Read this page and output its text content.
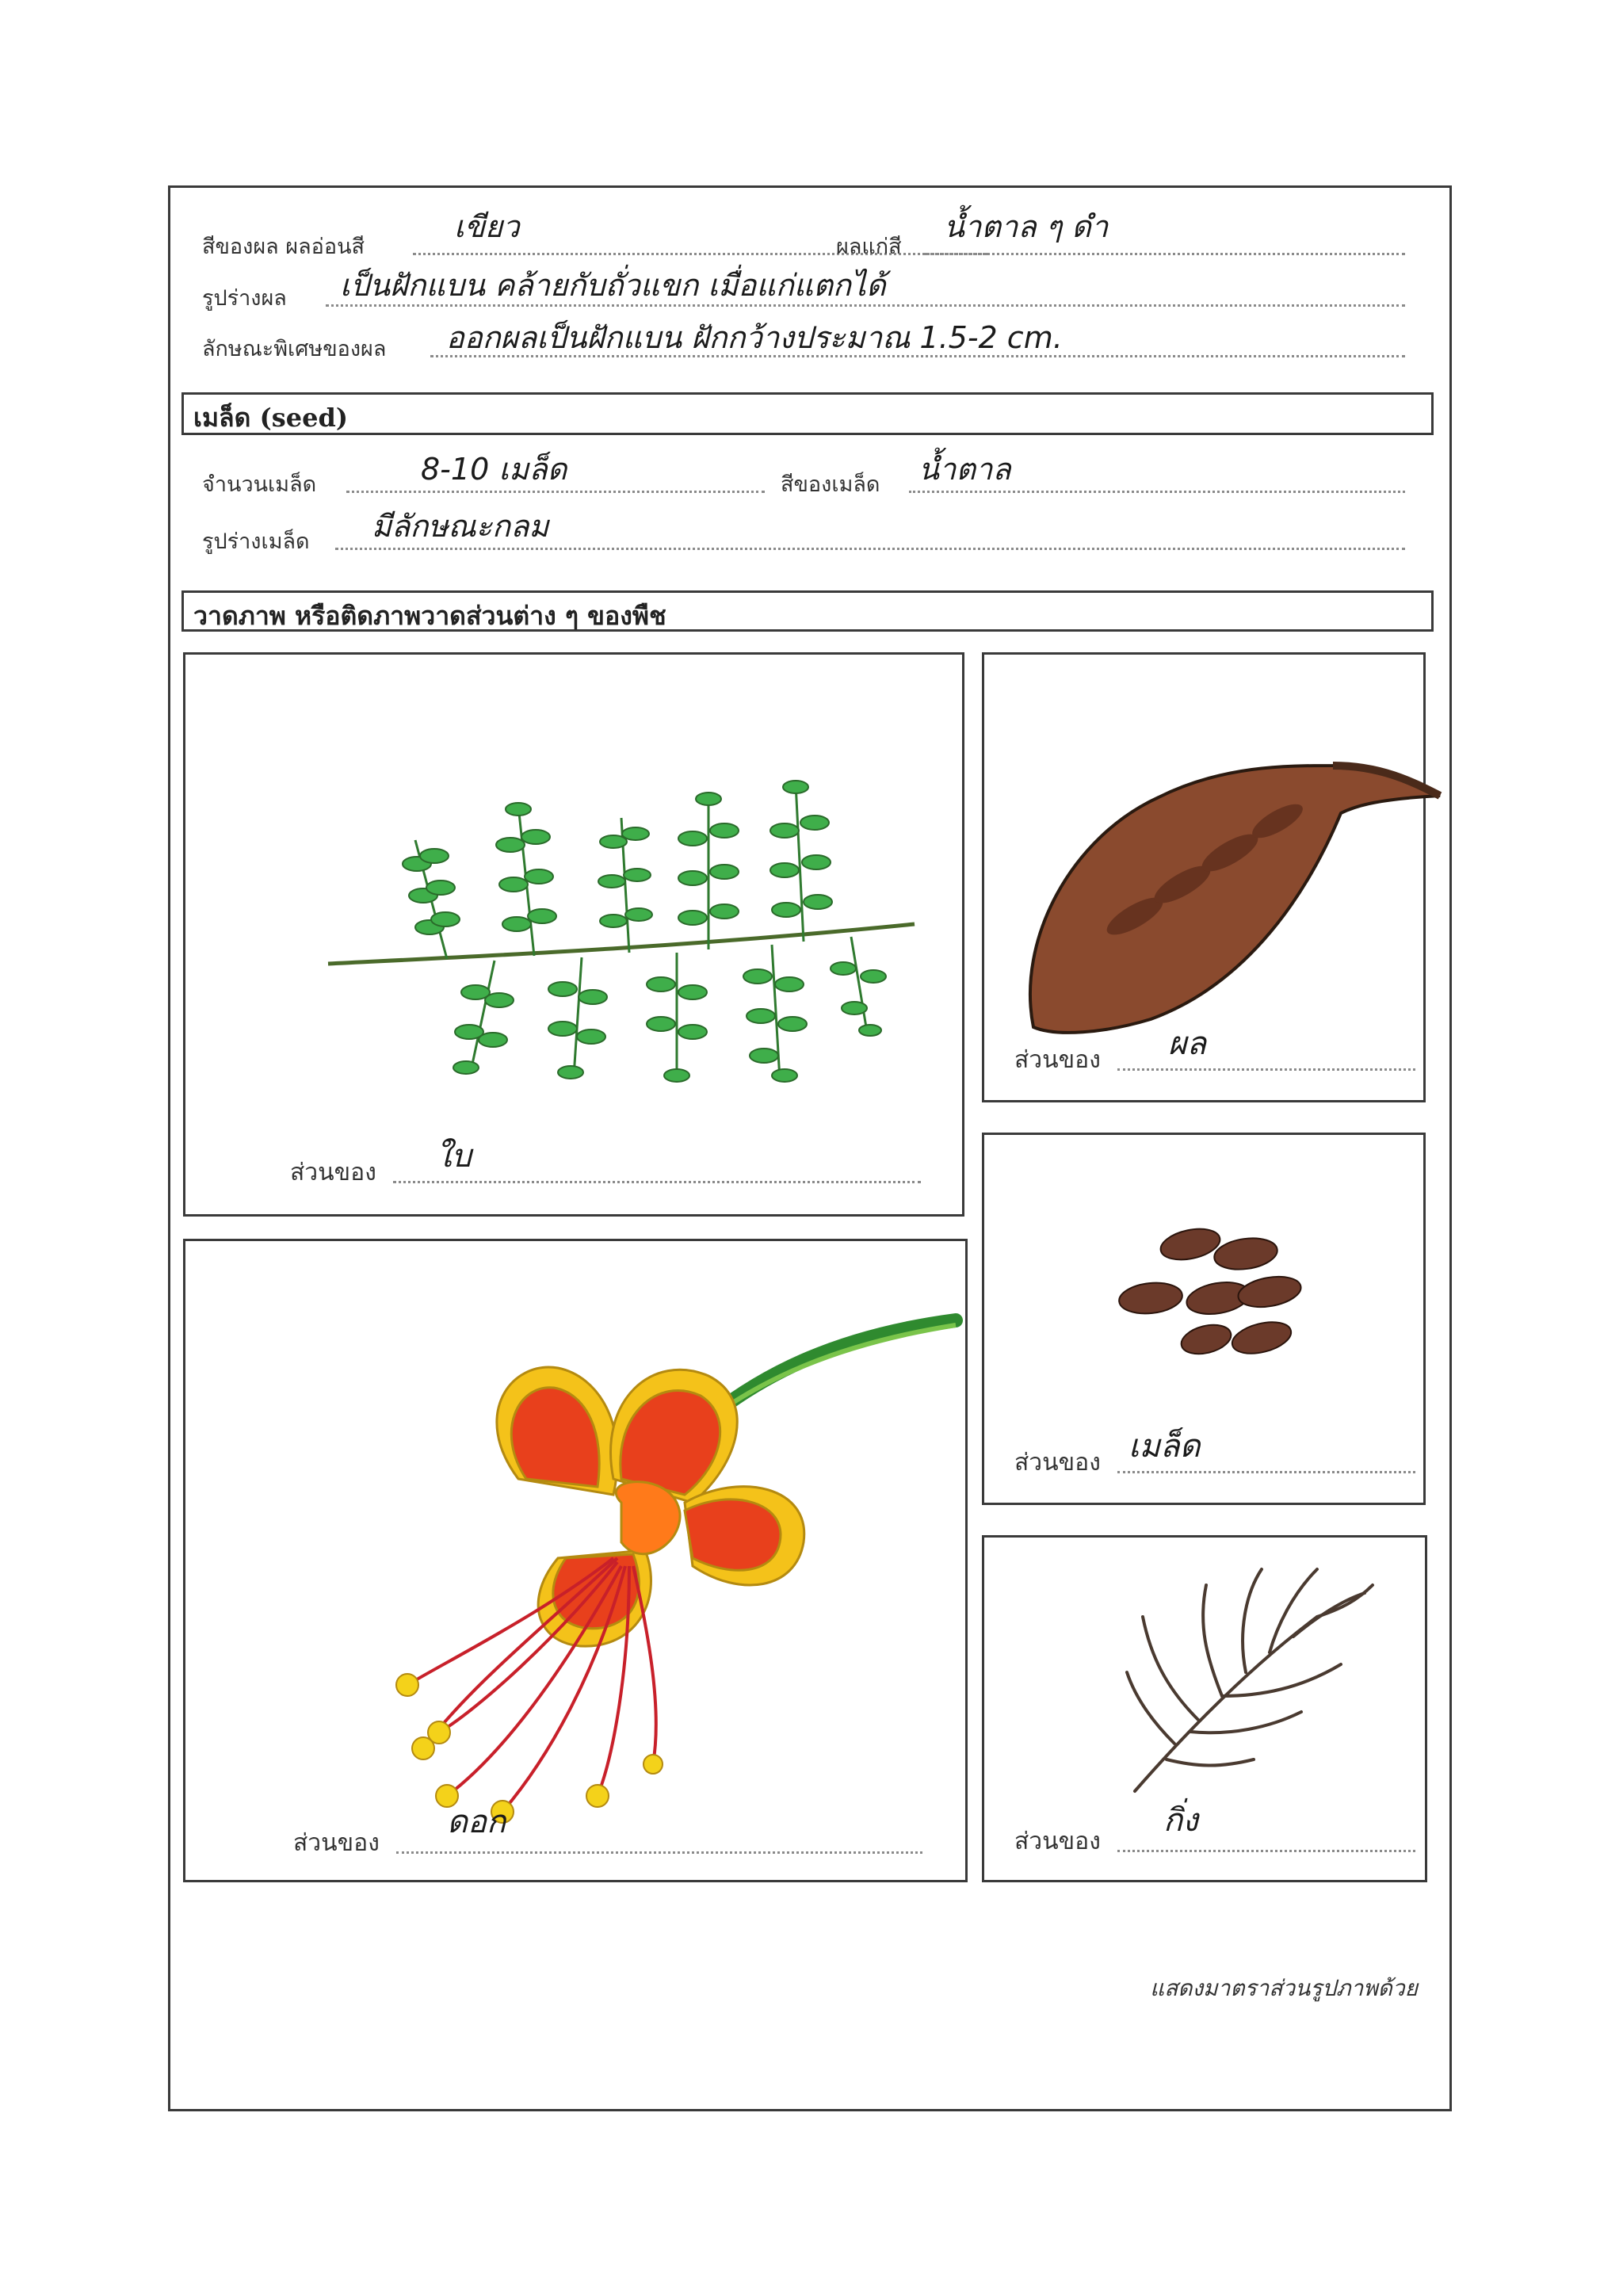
สีของผล ผลอ่อนสี
เขียว
ผลแก่สี
น้ำตาล ๆ ดำ
รูปร่างผล เป็นฝักแบน คล้ายกับถั่วแขก เมื่อแก่แตกได้
ลักษณะพิเศษของผล ออกผลเป็นฝักแบน ฝักกว้างประมาณ 1.5-2 cm.
เมล็ด (seed)
จำนวนเมล็ด	8-10 เมล็ด	สีของเมล็ด น้ำตาล
รูปร่างเมล็ด มีลักษณะกลม
วาดภาพ หรือติดภาพวาดส่วนต่าง ๆ ของพืช
ส่วนของ ใบ
ส่วนของ ผล
ส่วนของ เมล็ด
ส่วนของ
ดอก
ส่วนของ
กิ่ง
แสดงมาตราส่วนรูปภาพด้วย
